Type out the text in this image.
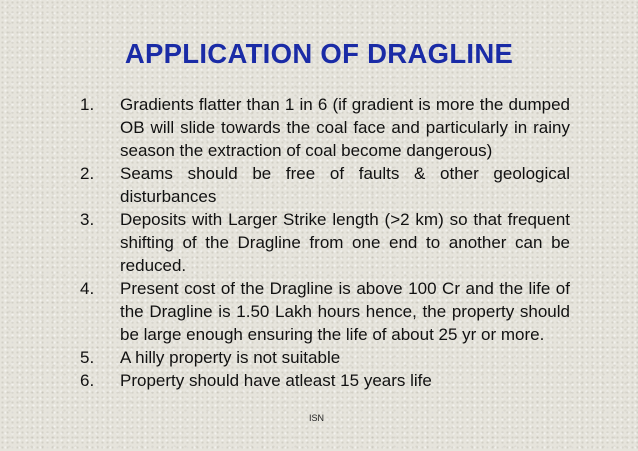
APPLICATION OF DRAGLINE
1. Gradients flatter than 1 in 6 (if gradient is more the dumped OB will slide towards the coal face and particularly in rainy season the extraction of coal become dangerous)
2. Seams should be free of faults & other geological disturbances
3. Deposits with Larger Strike length (>2 km) so that frequent shifting of the Dragline from one end to another can be reduced.
4. Present cost of the Dragline is above 100 Cr and the life of the Dragline is 1.50 Lakh hours hence, the property should be large enough ensuring the life of about 25 yr or more.
5. A hilly property is not suitable
6. Property should have atleast 15 years life
ISN
